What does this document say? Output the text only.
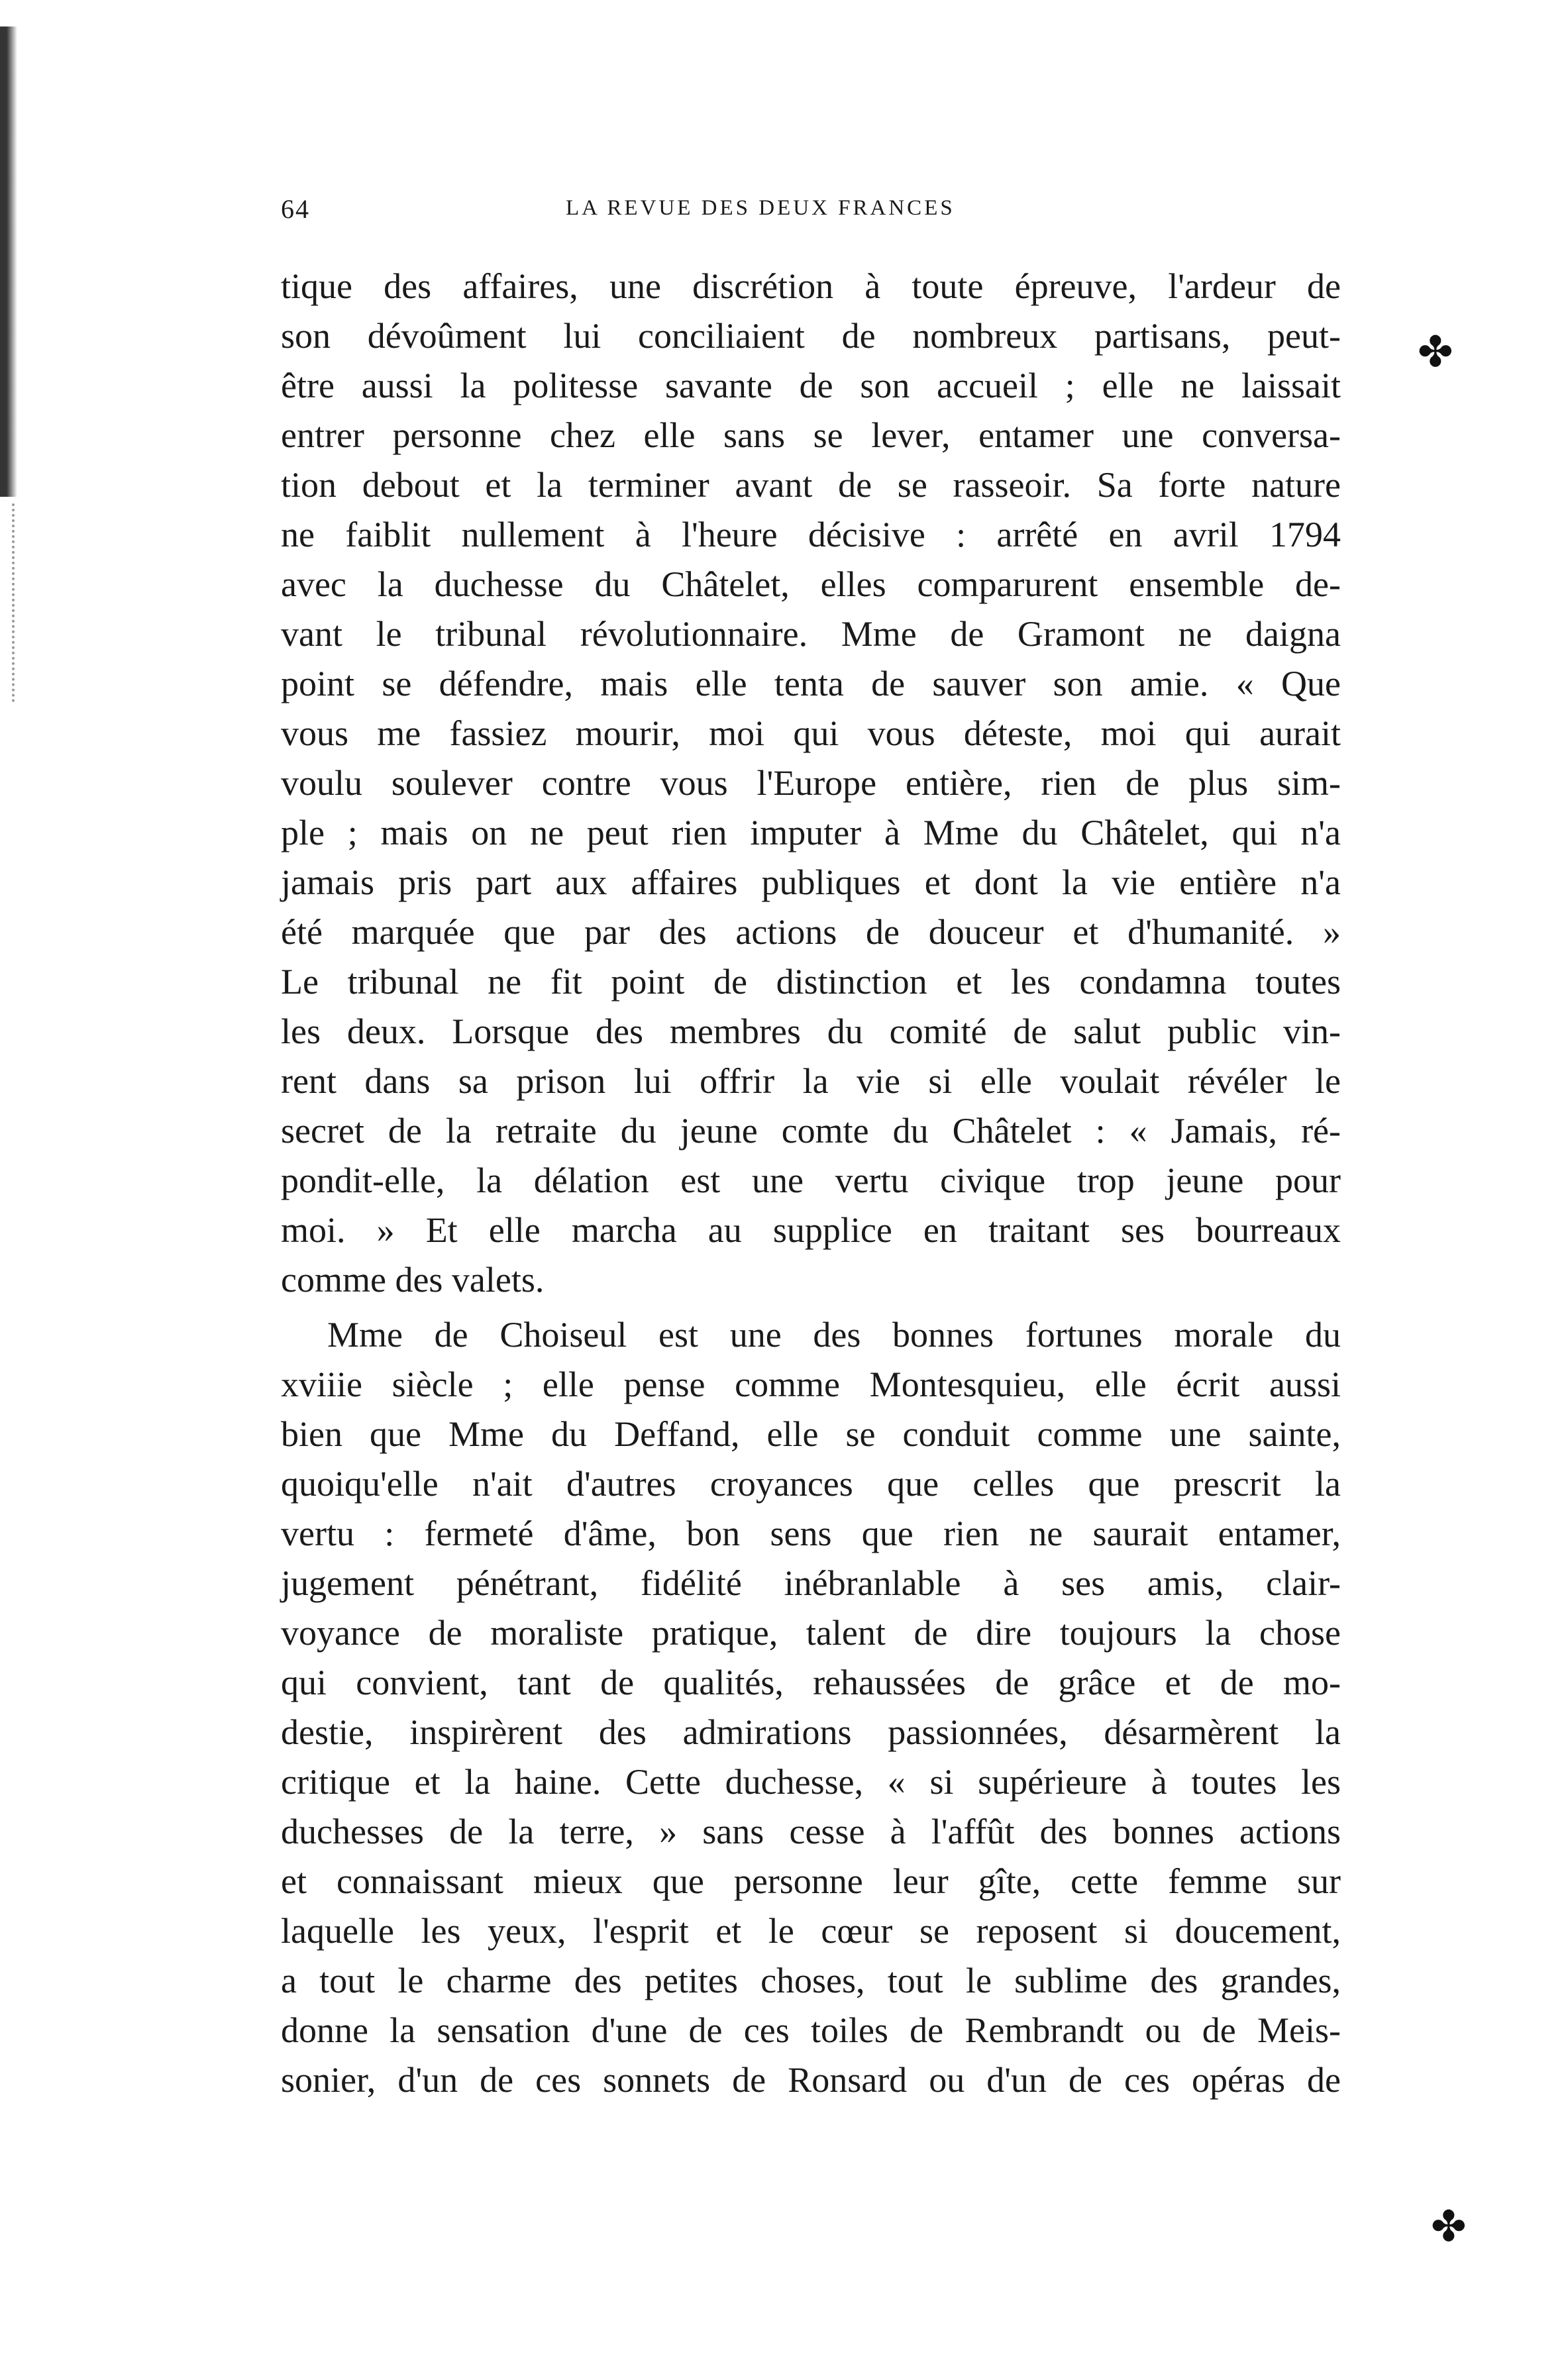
✤
✤
64	LA REVUE DES DEUX FRANCES
tique des affaires, une discrétion à toute épreuve, l'ardeur de
son dévoûment lui conciliaient de nombreux partisans, peut-
être aussi la politesse savante de son accueil ; elle ne laissait
entrer personne chez elle sans se lever, entamer une conversa-
tion debout et la terminer avant de se rasseoir. Sa forte nature
ne faiblit nullement à l'heure décisive : arrêté en avril 1794
avec la duchesse du Châtelet, elles comparurent ensemble de-
vant le tribunal révolutionnaire. Mme de Gramont ne daigna
point se défendre, mais elle tenta de sauver son amie. « Que
vous me fassiez mourir, moi qui vous déteste, moi qui aurait
voulu soulever contre vous l'Europe entière, rien de plus sim-
ple ; mais on ne peut rien imputer à Mme du Châtelet, qui n'a
jamais pris part aux affaires publiques et dont la vie entière n'a
été marquée que par des actions de douceur et d'humanité. »
Le tribunal ne fit point de distinction et les condamna toutes
les deux. Lorsque des membres du comité de salut public vin-
rent dans sa prison lui offrir la vie si elle voulait révéler le
secret de la retraite du jeune comte du Châtelet : « Jamais, ré-
pondit-elle, la délation est une vertu civique trop jeune pour
moi. » Et elle marcha au supplice en traitant ses bourreaux
comme des valets.
Mme de Choiseul est une des bonnes fortunes morale du
xviiie siècle ; elle pense comme Montesquieu, elle écrit aussi
bien que Mme du Deffand, elle se conduit comme une sainte,
quoiqu'elle n'ait d'autres croyances que celles que prescrit la
vertu : fermeté d'âme, bon sens que rien ne saurait entamer,
jugement pénétrant, fidélité inébranlable à ses amis, clair-
voyance de moraliste pratique, talent de dire toujours la chose
qui convient, tant de qualités, rehaussées de grâce et de mo-
destie, inspirèrent des admirations passionnées, désarmèrent la
critique et la haine. Cette duchesse, « si supérieure à toutes les
duchesses de la terre, » sans cesse à l'affût des bonnes actions
et connaissant mieux que personne leur gîte, cette femme sur
laquelle les yeux, l'esprit et le cœur se reposent si doucement,
a tout le charme des petites choses, tout le sublime des grandes,
donne la sensation d'une de ces toiles de Rembrandt ou de Meis-
sonier, d'un de ces sonnets de Ronsard ou d'un de ces opéras de
